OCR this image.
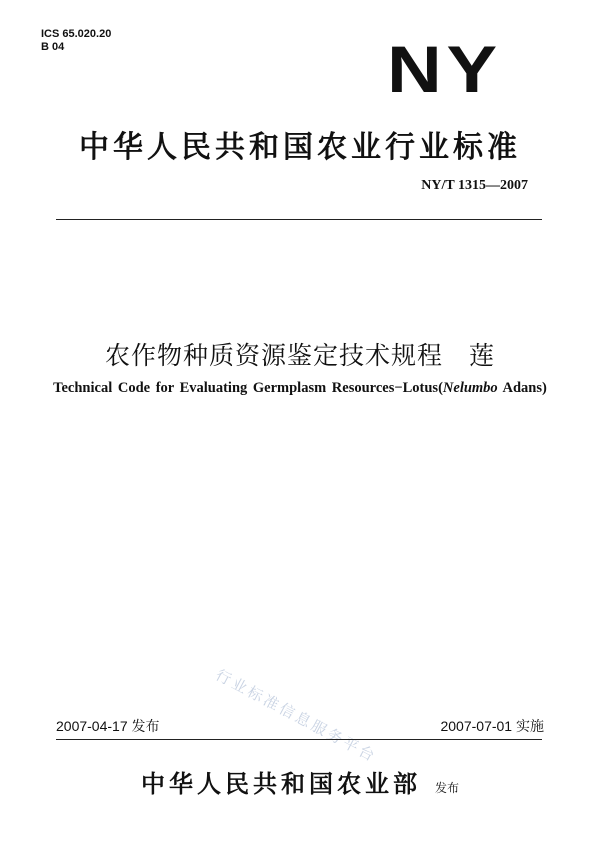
ICS 65.020.20
B 04	NY
中华人民共和国农业行业标准
NY/T 1315—2007
农作物种质资源鉴定技术规程 莲
Technical Code for Evaluating Germplasm Resources−Lotus(Nelumbo Adans)
行业标准信息服务平台
2007-04-17 发布	2007-07-01 实施
中华人民共和国农业部 发布
